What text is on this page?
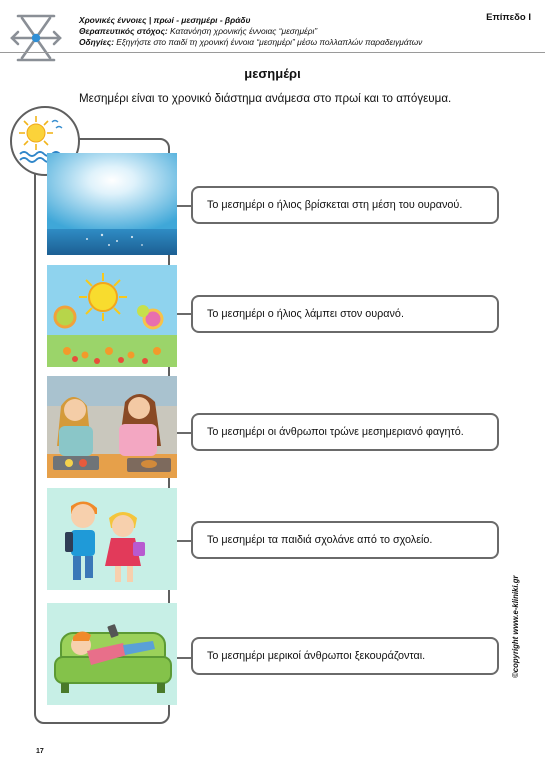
Χρονικές έννοιες | πρωί - μεσημέρι - βράδυ
Θεραπευτικός στόχος: Κατανόηση χρονικής έννοιας “μεσημέρι”
Οδηγίες: Εξηγήστε στο παιδί τη χρονική έννοια “μεσημέρι” μέσω πολλαπλών παραδειγμάτων
Επίπεδο Ι
μεσημέρι
Μεσημέρι είναι το χρονικό διάστημα ανάμεσα στο πρωί και το απόγευμα.
Το μεσημέρι ο ήλιος βρίσκεται στη μέση του ουρανού.
Το μεσημέρι ο ήλιος λάμπει στον ουρανό.
Το μεσημέρι οι άνθρωποι τρώνε μεσημεριανό φαγητό.
Το μεσημέρι τα παιδιά σχολάνε από το σχολείο.
Το μεσημέρι μερικοί άνθρωποι ξεκουράζονται.	©copyright www.e-kliniki.gr
17
